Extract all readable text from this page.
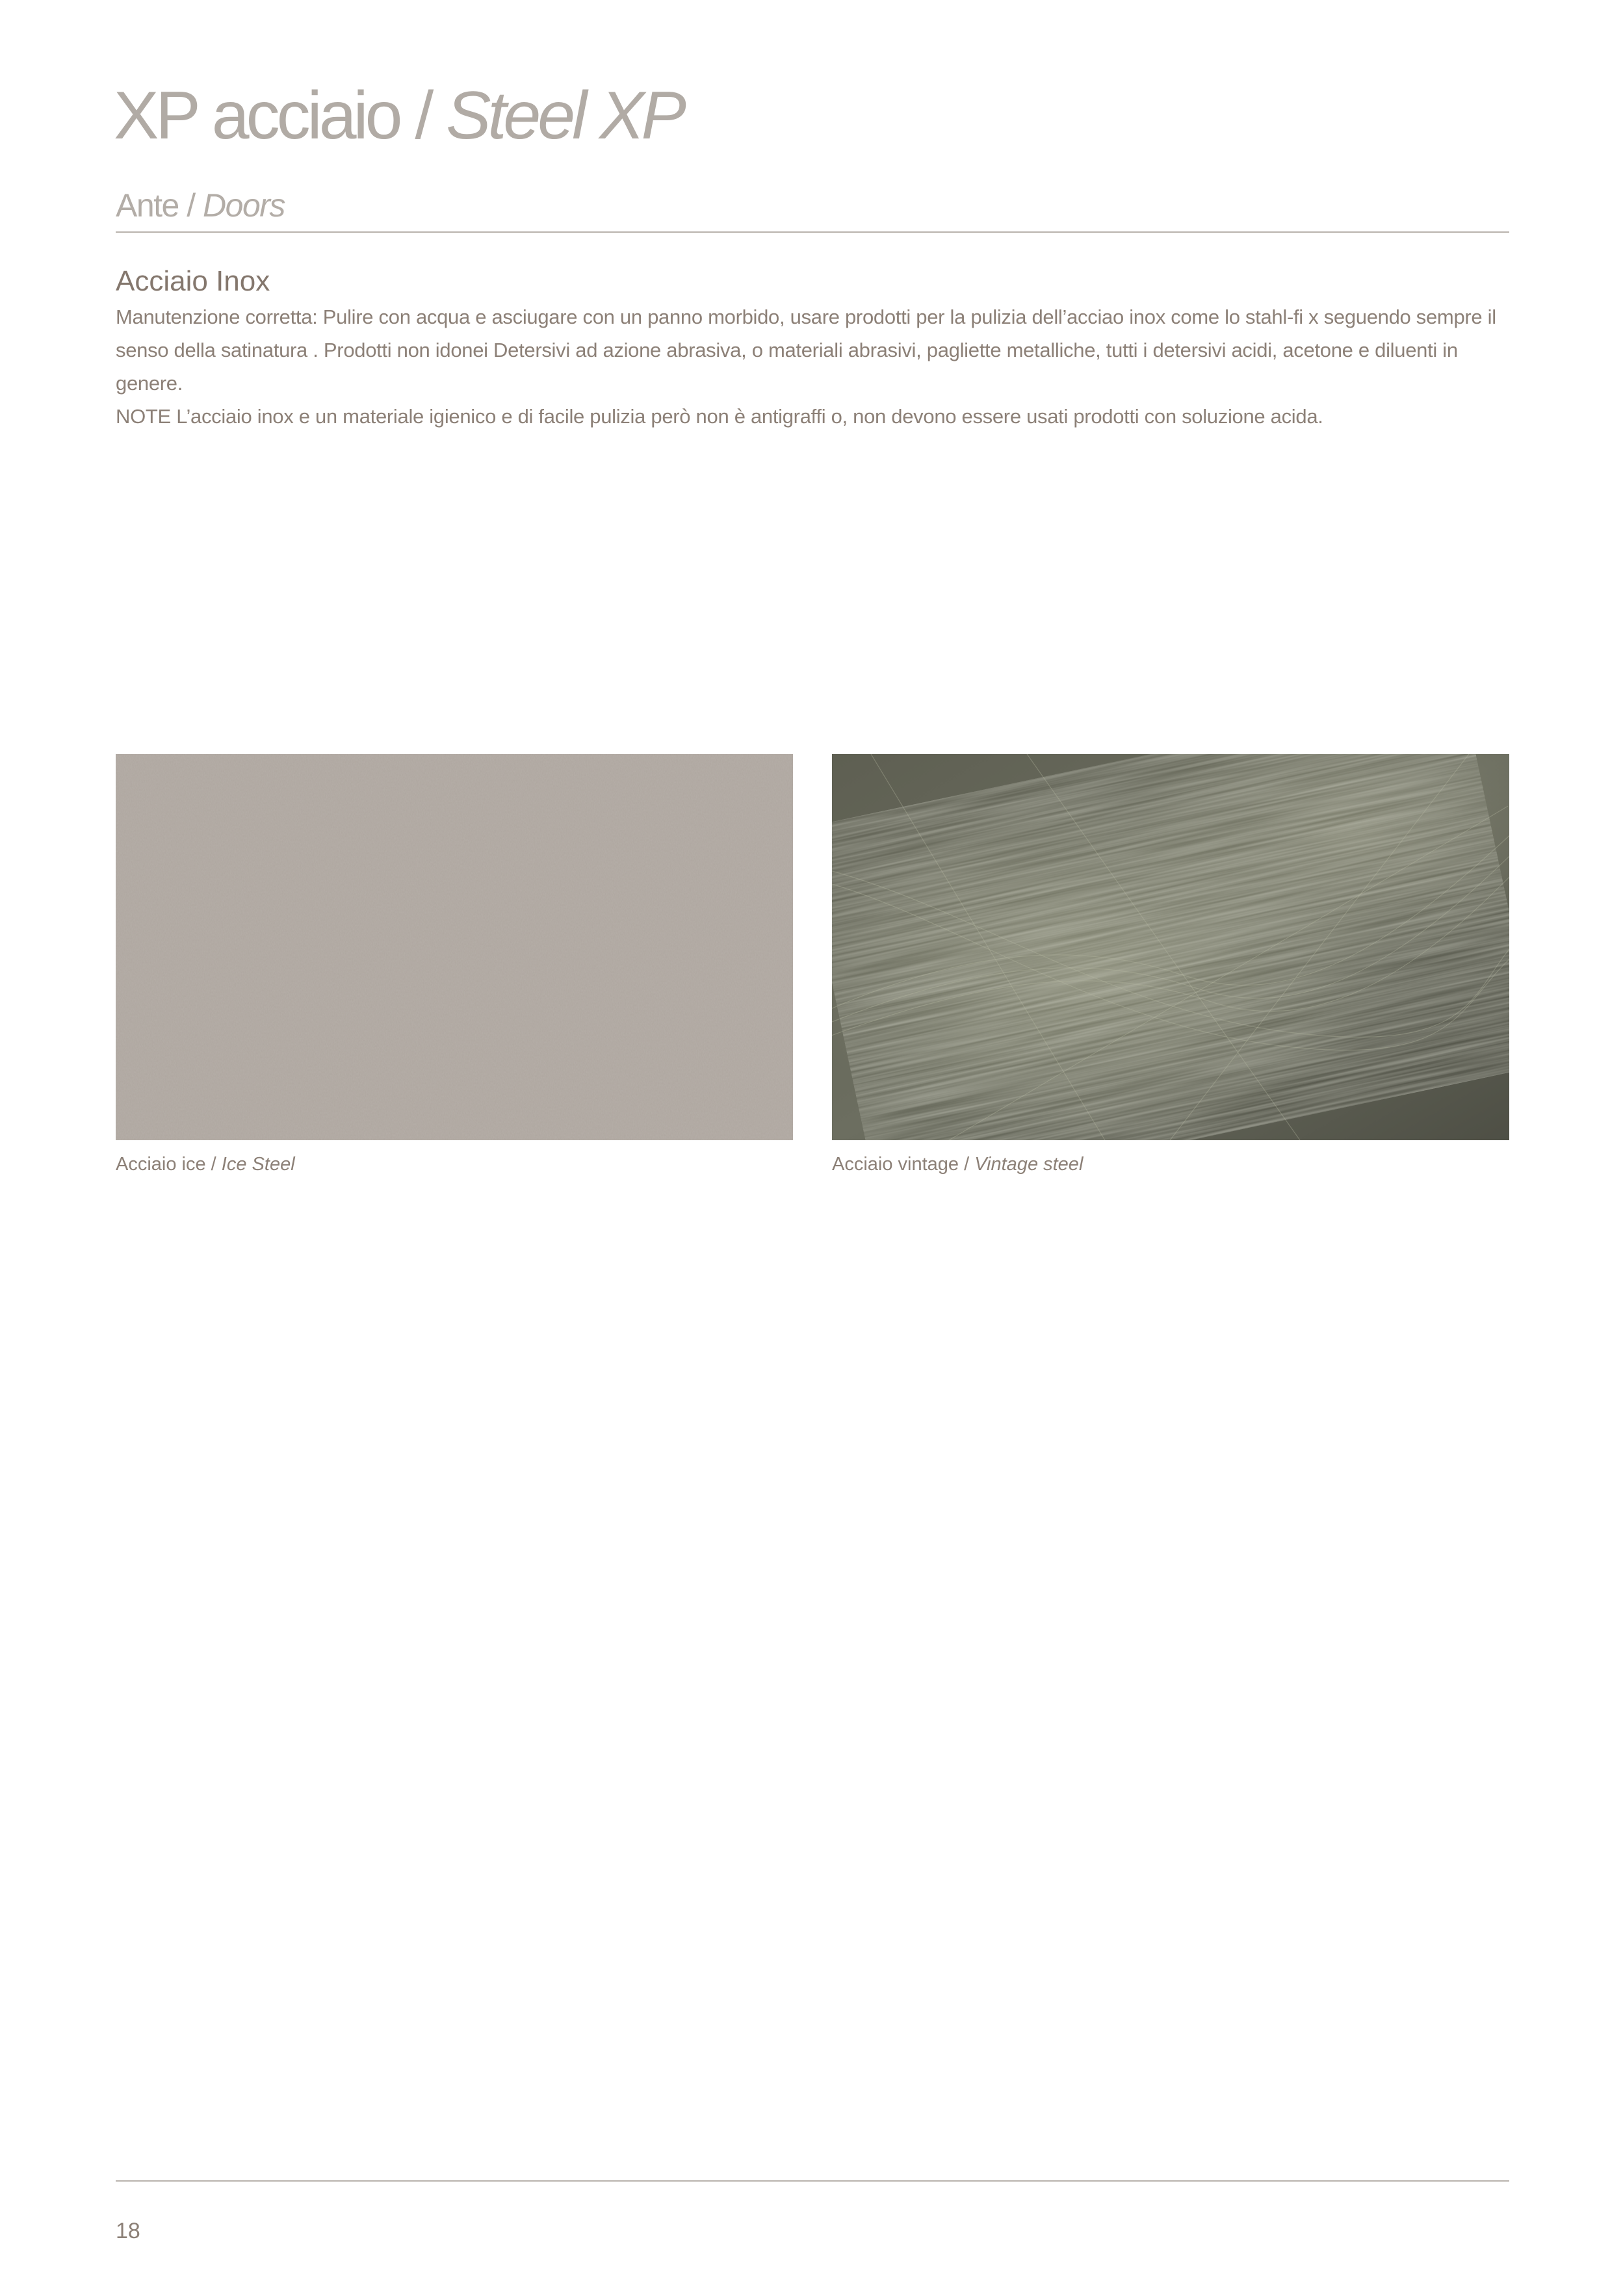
XP acciaio / Steel XP
Ante / Doors
Acciaio Inox

Manutenzione corretta: Pulire con acqua e asciugare con un panno morbido, usare prodotti per la pulizia dell’acciao inox come lo stahl-fi x seguendo sempre il senso della satinatura . Prodotti non idonei Detersivi ad azione abrasiva, o materiali abrasivi, pagliette metalliche, tutti i detersivi acidi, acetone e diluenti in genere.

NOTE L’acciaio inox e un materiale igienico e di facile pulizia però non è antigraffi o, non devono essere usati prodotti con soluzione acida.

Acciaio ice / Ice Steel	Acciaio vintage / Vintage steel

18
